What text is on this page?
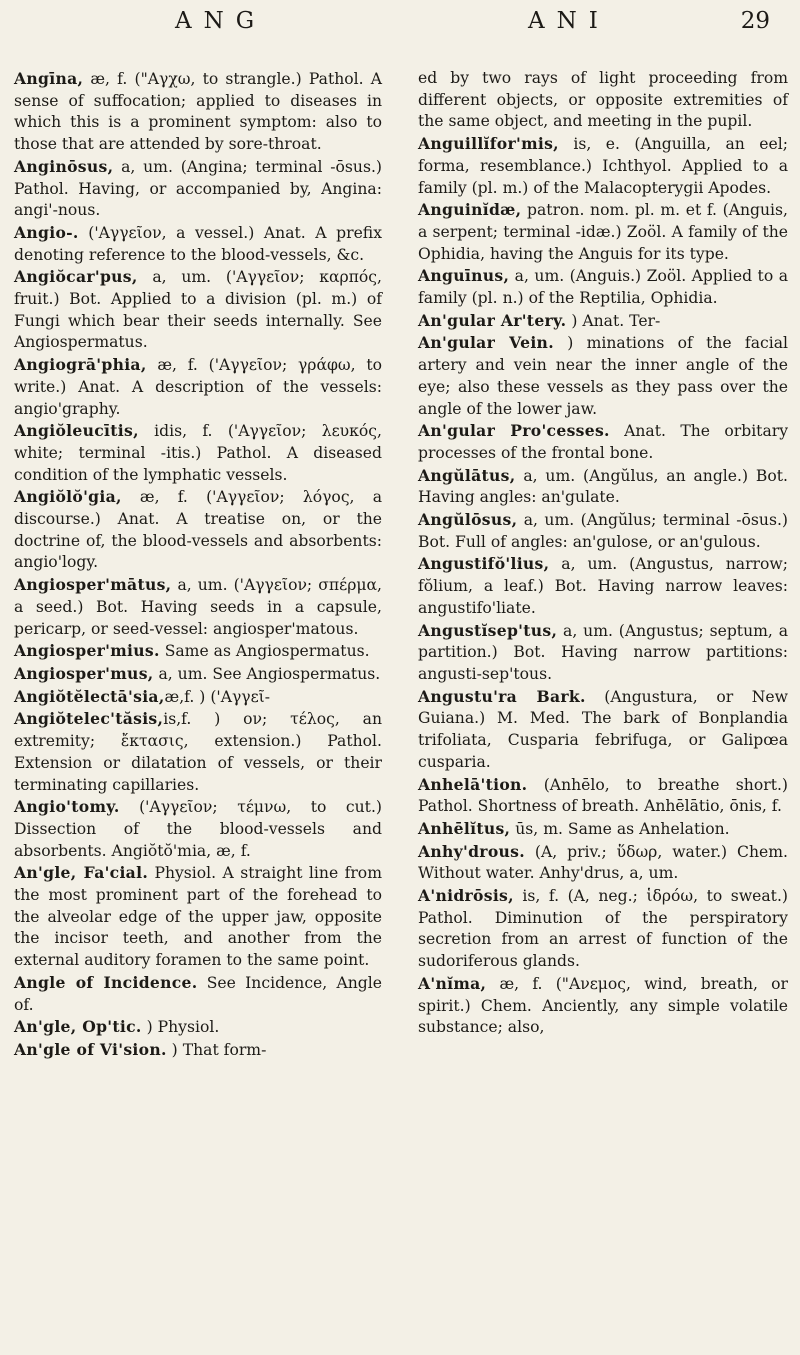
ANG	ANI	29

Angīna, æ, f. ("Αγχω, to strangle.) Pathol. A sense of suffocation; applied to diseases in which this is a prominent symptom: also to those that are attended by sore-throat.

Anginōsus, a, um. (Angina; terminal -ōsus.) Pathol. Having, or accompanied by, Angina: angi'-nous.

Angio-. ('Αγγεῖον, a vessel.) Anat. A prefix denoting reference to the blood-vessels, &c.

Angiŏcar'pus, a, um. ('Αγγεῖον; καρπός, fruit.) Bot. Applied to a division (pl. m.) of Fungi which bear their seeds internally. See Angiospermatus.

Angiogrā'phia, æ, f. ('Αγγεῖον; γράφω, to write.) Anat. A description of the vessels: angio'graphy.

Angiŏleucītis, idis, f. ('Αγγεῖον; λευκός, white; terminal -itis.) Pathol. A diseased condition of the lymphatic vessels.

Angiŏlŏ'gia, æ, f. ('Αγγεῖον; λόγος, a discourse.) Anat. A treatise on, or the doctrine of, the blood-vessels and absorbents: angio'logy.

Angiosper'mātus, a, um. ('Αγγεῖον; σπέρμα, a seed.) Bot. Having seeds in a capsule, pericarp, or seed-vessel: angiosper'matous.

Angiosper'mius. Same as Angiospermatus.

Angiosper'mus, a, um. See Angiospermatus.

Angiŏtĕlectā'sia,æ,f. ) ('Αγγεῖ-

Angiŏtelec'tăsis,is,f. ) ον; τέλος, an extremity; ἔκτασις, extension.) Pathol. Extension or dilatation of vessels, or their terminating capillaries.

Angio'tomy. ('Αγγεῖον; τέμνω, to cut.) Dissection of the blood-vessels and absorbents. Angiŏtŏ'mia, æ, f.

An'gle, Fa'cial. Physiol. A straight line from the most prominent part of the forehead to the alveolar edge of the upper jaw, opposite the incisor teeth, and another from the external auditory foramen to the same point.

Angle of Incidence. See Incidence, Angle of.

An'gle, Op'tic. ) Physiol.

An'gle of Vi'sion. ) That form-

ed by two rays of light proceeding from different objects, or opposite extremities of the same object, and meeting in the pupil.

Anguillĭfor'mis, is, e. (Anguilla, an eel; forma, resemblance.) Ichthyol. Applied to a family (pl. m.) of the Malacopterygii Apodes.

Anguinĭdæ, patron. nom. pl. m. et f. (Anguis, a serpent; terminal -idæ.) Zoöl. A family of the Ophidia, having the Anguis for its type.

Anguīnus, a, um. (Anguis.) Zoöl. Applied to a family (pl. n.) of the Reptilia, Ophidia.

An'gular Ar'tery. ) Anat. Ter-

An'gular Vein. ) minations of the facial artery and vein near the inner angle of the eye; also these vessels as they pass over the angle of the lower jaw.

An'gular Pro'cesses. Anat. The orbitary processes of the frontal bone.

Angŭlātus, a, um. (Angŭlus, an angle.) Bot. Having angles: an'gulate.

Angŭlōsus, a, um. (Angŭlus; terminal -ōsus.) Bot. Full of angles: an'gulose, or an'gulous.

Angustifŏ'lius, a, um. (Angustus, narrow; fŏlium, a leaf.) Bot. Having narrow leaves: angustifo'liate.

Angustĭsep'tus, a, um. (Angustus; septum, a partition.) Bot. Having narrow partitions: angusti-sep'tous.

Angustu'ra Bark. (Angustura, or New Guiana.) M. Med. The bark of Bonplandia trifoliata, Cusparia febrifuga, or Galipœa cusparia.

Anhelā'tion. (Anhēlo, to breathe short.) Pathol. Shortness of breath. Anhēlātio, ōnis, f.

Anhēlĭtus, ūs, m. Same as Anhelation.

Anhy'drous. (A, priv.; ὕδωρ, water.) Chem. Without water. Anhy'drus, a, um.

A'nidrōsis, is, f. (A, neg.; ἱδρόω, to sweat.) Pathol. Diminution of the perspiratory secretion from an arrest of function of the sudoriferous glands.

A'nĭma, æ, f. ("Ανεμος, wind, breath, or spirit.) Chem. Anciently, any simple volatile substance; also,
